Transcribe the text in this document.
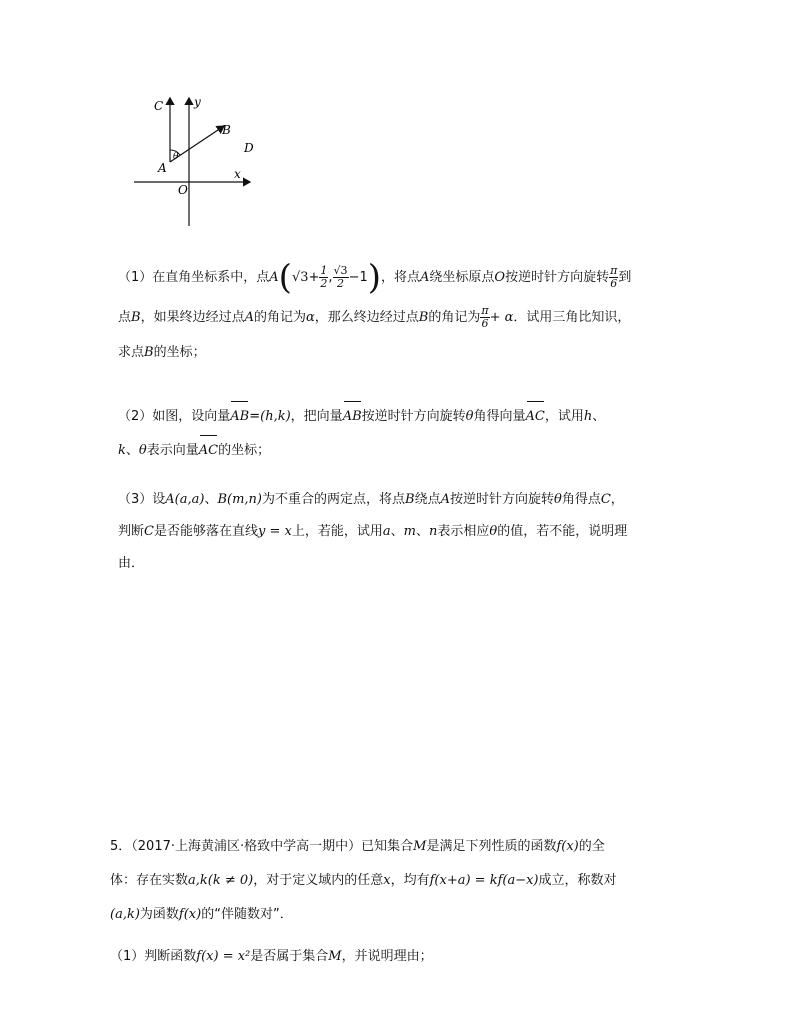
C	y
B
D
A
θ
x
O
（1）在直角坐标系中，点$A(√3+ \frac{1}{2}$ , $\frac{√3}{2} -1$)，将点A绕坐标原点O按逆时针方向旋转 $\frac{\pi}{6}$ 到
点B，如果终边经过点A的角记为α，那么终边经过点B的角记为 $\frac{\pi}{6} + \alpha$．试用三角比知识，
求点B的坐标；
（2）如图，设向量AB=(h,k)，把向量AB按逆时针方向旋转θ角得向量AC，试用h、
k、θ表示向量AC的坐标；
（3）设A(a,a)、B(m,n)为不重合的两定点，将点B绕点A按逆时针方向旋转θ角得点C，
判断C是否能够落在直线y = x上，若能，试用a、m、n表示相应θ的值，若不能，说明理
由．
5．（2017·上海黄浦区·格致中学高一期中）已知集合M是满足下列性质的函数f(x)的全
体：存在实数a,k(k ≠ 0)，对于定义域内的任意x，均有f(x+a) = kf(a−x)成立，称数对
(a,k)为函数f(x)的“伴随数对”．
（1）判断函数f(x) = x²是否属于集合M，并说明理由；
